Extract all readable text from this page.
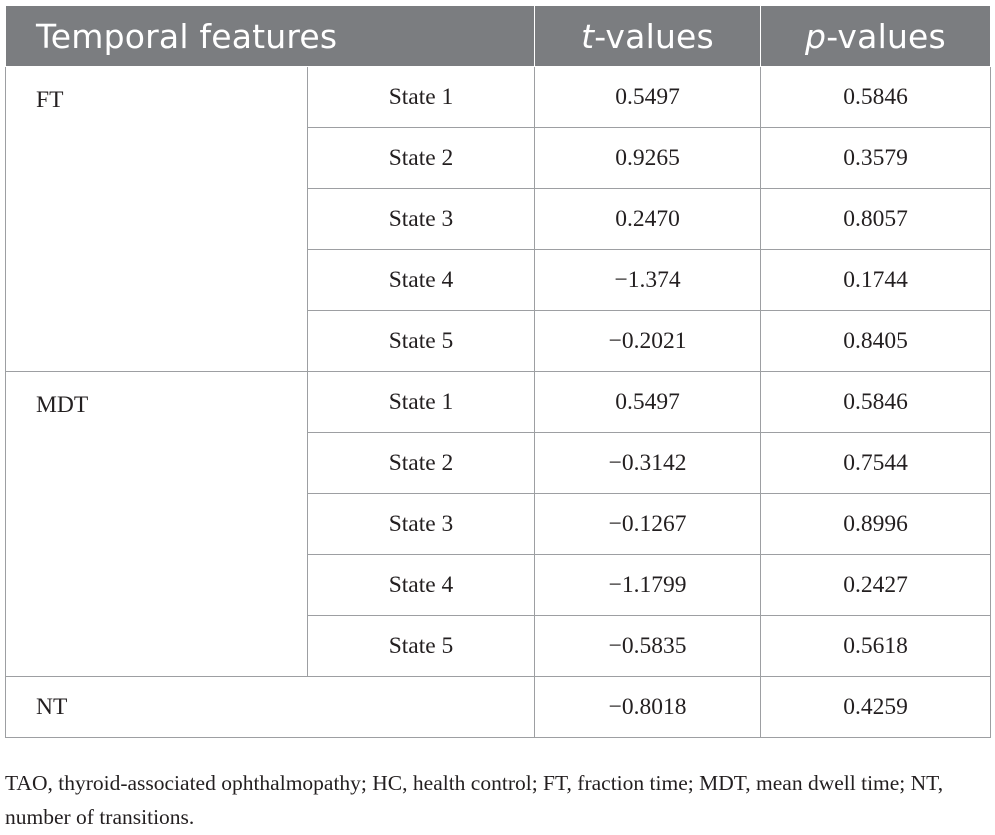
Temporal features		t-values	p-values
FT	State 1	0.5497	0.5846
	State 2	0.9265	0.3579
	State 3	0.2470	0.8057
	State 4	−1.374	0.1744
	State 5	−0.2021	0.8405
MDT	State 1	0.5497	0.5846
	State 2	−0.3142	0.7544
	State 3	−0.1267	0.8996
	State 4	−1.1799	0.2427
	State 5	−0.5835	0.5618
NT		−0.8018	0.4259
TAO, thyroid-associated ophthalmopathy; HC, health control; FT, fraction time; MDT, mean dwell time; NT, number of transitions.
